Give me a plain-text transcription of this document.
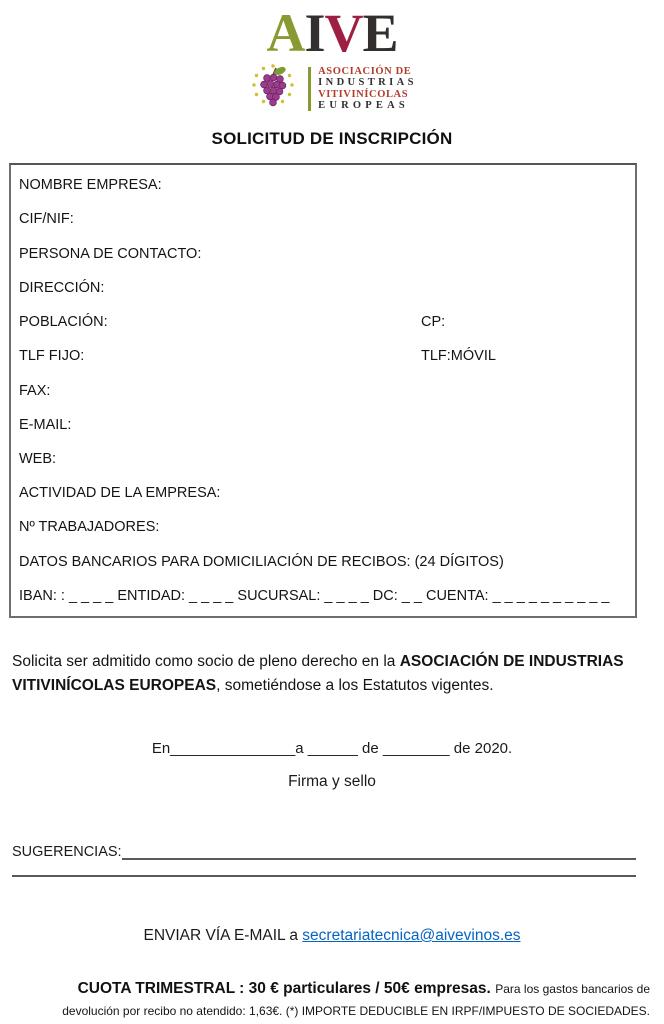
AIVE
ASOCIACIÓN DE
INDUSTRIAS
VITIVINÍCOLAS
EUROPEAS
SOLICITUD DE INSCRIPCIÓN
NOMBRE EMPRESA:
CIF/NIF:
PERSONA DE CONTACTO:
DIRECCIÓN:
POBLACIÓN:	CP:
TLF FIJO:	TLF:MÓVIL
FAX:
E-MAIL:
WEB:
ACTIVIDAD DE LA EMPRESA:
Nº TRABAJADORES:
DATOS BANCARIOS PARA DOMICILIACIÓN DE RECIBOS: (24 DÍGITOS)
IBAN: : _ _ _ _ ENTIDAD: _ _ _ _ SUCURSAL: _ _ _ _ DC: _ _ CUENTA: _ _ _ _ _ _ _ _ _ _

Solicita ser admitido como socio de pleno derecho en la ASOCIACIÓN DE INDUSTRIAS VITIVINÍCOLAS EUROPEAS, sometiéndose a los Estatutos vigentes.

En_______________a ______ de ________ de 2020.
Firma y sello
SUGERENCIAS:
ENVIAR VÍA E-MAIL a secretariatecnica@aivevinos.es
CUOTA TRIMESTRAL : 30 € particulares / 50€ empresas. Para los gastos bancarios de devolución por recibo no atendido: 1,63€. (*) IMPORTE DEDUCIBLE EN IRPF/IMPUESTO DE SOCIEDADES.
